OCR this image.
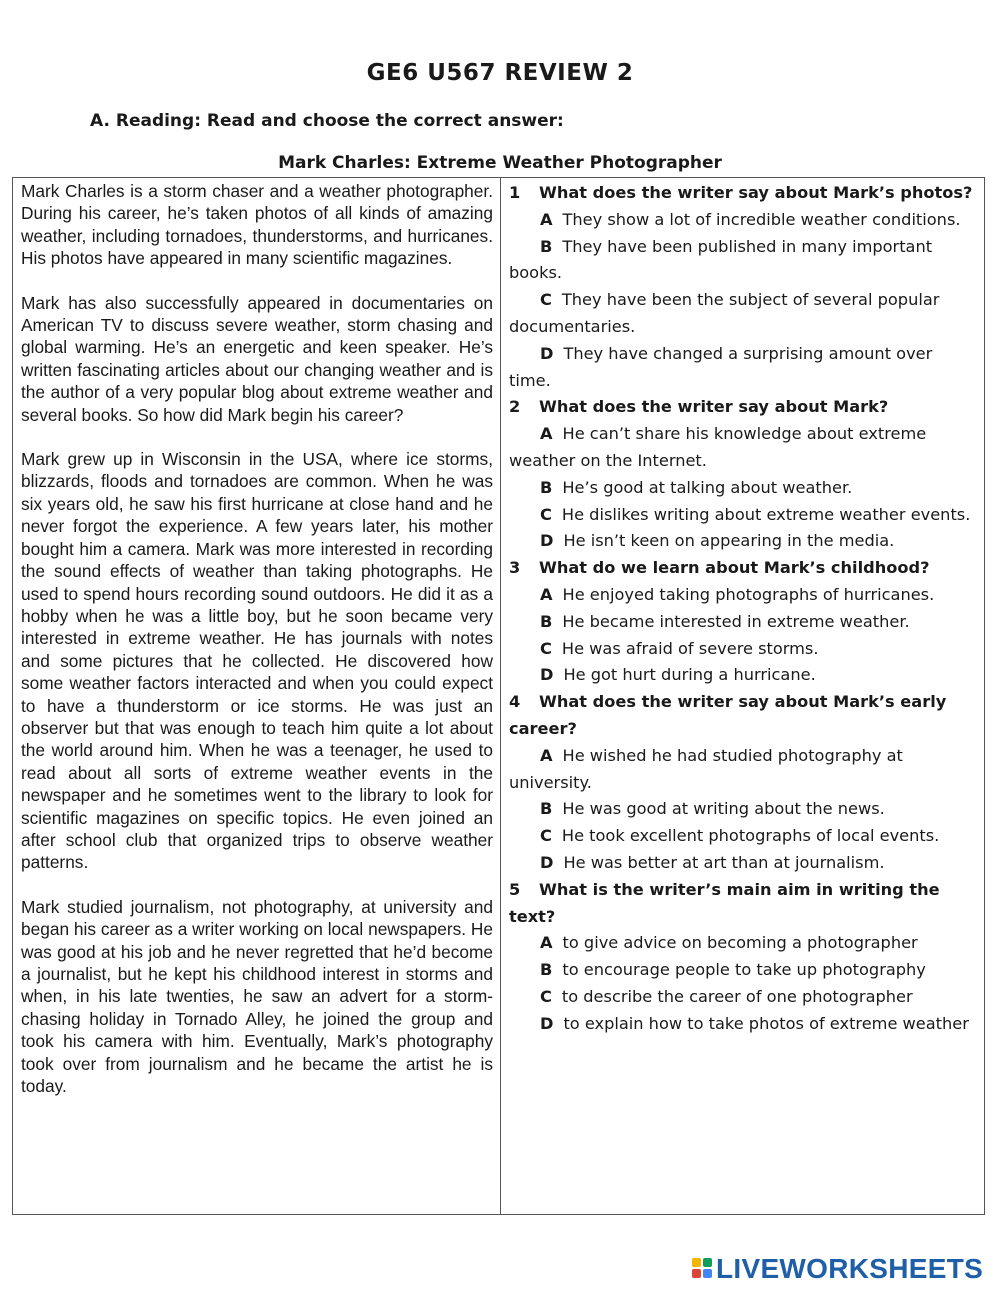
GE6 U567 REVIEW 2
A. Reading: Read and choose the correct answer:
Mark Charles: Extreme Weather Photographer

Mark Charles is a storm chaser and a weather photographer. During his career, he’s taken photos of all kinds of amazing weather, including tornadoes, thunderstorms, and hurricanes. His photos have appeared in many scientific magazines.

Mark has also successfully appeared in documentaries on American TV to discuss severe weather, storm chasing and global warming. He’s an energetic and keen speaker. He’s written fascinating articles about our changing weather and is the author of a very popular blog about extreme weather and several books. So how did Mark begin his career?

Mark grew up in Wisconsin in the USA, where ice storms, blizzards, floods and tornadoes are common. When he was six years old, he saw his first hurricane at close hand and he never forgot the experience. A few years later, his mother bought him a camera. Mark was more interested in recording the sound effects of weather than taking photographs. He used to spend hours recording sound outdoors. He did it as a hobby when he was a little boy, but he soon became very interested in extreme weather. He has journals with notes and some pictures that he collected. He discovered how some weather factors interacted and when you could expect to have a thunderstorm or ice storms. He was just an observer but that was enough to teach him quite a lot about the world around him. When he was a teenager, he used to read about all sorts of extreme weather events in the newspaper and he sometimes went to the library to look for scientific magazines on specific topics. He even joined an after school club that organized trips to observe weather patterns.

Mark studied journalism, not photography, at university and began his career as a writer working on local newspapers. He was good at his job and he never regretted that he’d become a journalist, but he kept his childhood interest in storms and when, in his late twenties, he saw an advert for a storm-chasing holiday in Tornado Alley, he joined the group and took his camera with him. Eventually, Mark’s photography took over from journalism and he became the artist he is today.

1 What does the writer say about Mark’s photos?
A They show a lot of incredible weather conditions.
B They have been published in many important books.
C They have been the subject of several popular documentaries.
D They have changed a surprising amount over time.
2 What does the writer say about Mark?
A He can’t share his knowledge about extreme weather on the Internet.
B He’s good at talking about weather.
C He dislikes writing about extreme weather events.
D He isn’t keen on appearing in the media.
3 What do we learn about Mark’s childhood?
A He enjoyed taking photographs of hurricanes.
B He became interested in extreme weather.
C He was afraid of severe storms.
D He got hurt during a hurricane.
4 What does the writer say about Mark’s early career?
A He wished he had studied photography at university.
B He was good at writing about the news.
C He took excellent photographs of local events.
D He was better at art than at journalism.
5 What is the writer’s main aim in writing the text?
A to give advice on becoming a photographer
B to encourage people to take up photography
C to describe the career of one photographer
D to explain how to take photos of extreme weather
LIVEWORKSHEETS
